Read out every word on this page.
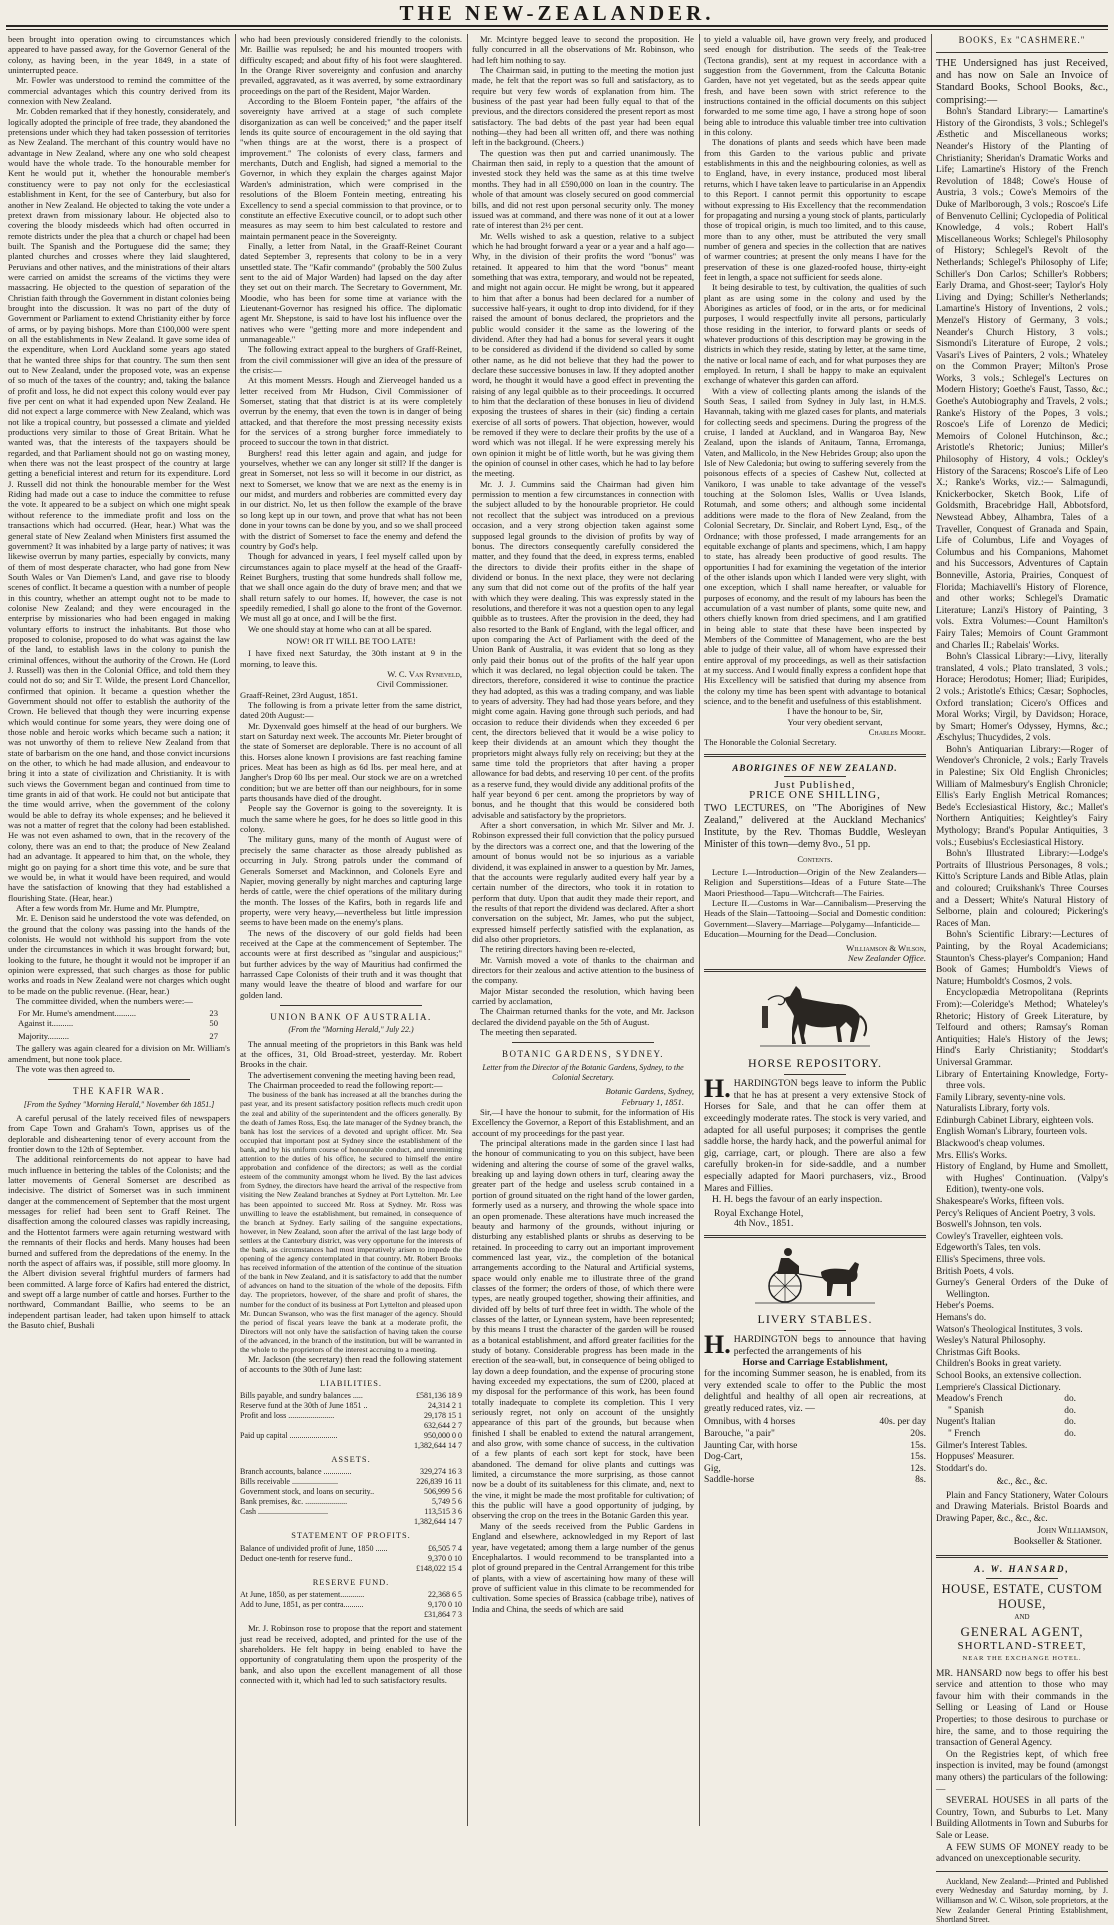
THE NEW-ZEALANDER.

been brought into operation owing to circumstances which appeared to have passed away, for the Governor General of the colony, as having been, in the year 1849, in a state of uninterrupted peace.

Mr. Fowler was understood to remind the committee of the commercial advantages which this country derived from its connexion with New Zealand.

Mr. Cobden remarked that if they honestly, considerately, and logically adopted the principle of free trade, they abandoned the pretensions under which they had taken possession of territories as New Zealand. The merchant of this country would have no advantage in New Zealand, where any one who sold cheapest would have the whole trade. To the honourable member for Kent he would put it, whether the honourable member's constituency were to pay not only for the ecclesiastical establishment in Kent, for the see of Canterbury, but also for another in New Zealand. He objected to taking the vote under a pretext drawn from missionary labour. He objected also to covering the bloody misdeeds which had often occurred in remote districts under the plea that a church or chapel had been built. The Spanish and the Portuguese did the same; they planted churches and crosses where they laid slaughtered, Peruvians and other natives, and the ministrations of their altars were carried on amidst the screams of the victims they were massacring. He objected to the question of separation of the Christian faith through the Government in distant colonies being brought into the discussion. It was no part of the duty of Government or Parliament to extend Christianity either by force of arms, or by paying bishops. More than £100,000 were spent on all the establishments in New Zealand. It gave some idea of the expenditure, when Lord Auckland some years ago stated that he wanted three ships for that country. The sum then sent out to New Zealand, under the proposed vote, was an expense of so much of the taxes of the country; and, taking the balance of profit and loss, he did not expect this colony would ever pay five per cent on what it had expended upon New Zealand. He did not expect a large commerce with New Zealand, which was not like a tropical country, but possessed a climate and yielded productions very similar to those of Great Britain. What he wanted was, that the interests of the taxpayers should be regarded, and that Parliament should not go on wasting money, when there was not the least prospect of the country at large getting a beneficial interest and return for its expenditure. Lord J. Russell did not think the honourable member for the West Riding had made out a case to induce the committee to refuse the vote. It appeared to be a subject on which one might speak without reference to the immediate profit and loss on the transactions which had occurred. (Hear, hear.) What was the general state of New Zealand when Ministers first assumed the government? It was inhabited by a large party of natives; it was likewise overrun by many parties, especially by convicts, many of them of most desperate character, who had gone from New South Wales or Van Diemen's Land, and gave rise to bloody scenes of conflict. It became a question with a number of people in this country, whether an attempt ought not to be made to colonise New Zealand; and they were encouraged in the enterprise by missionaries who had been engaged in making voluntary efforts to instruct the inhabitants. But those who proposed to colonise, proposed to do what was against the law of the land, to establish laws in the colony to punish the criminal offences, without the authority of the Crown. He (Lord J. Russell) was then in the Colonial Office, and told them they could not do so; and Sir T. Wilde, the present Lord Chancellor, confirmed that opinion. It became a question whether the Government should not offer to establish the authority of the Crown. He believed that though they were incurring expense which would continue for some years, they were doing one of those noble and heroic works which became such a nation; it was not unworthy of them to relieve New Zealand from that state of barbarism on the one hand, and those convict incursions on the other, to which he had made allusion, and endeavour to bring it into a state of civilization and Christianity. It is with such views the Government began and continued from time to time grants in aid of that work. He could not but anticipate that the time would arrive, when the government of the colony would be able to defray its whole expenses; and he believed it was not a matter of regret that the colony had been established. He was not even ashamed to own, that in the recovery of the colony, there was an end to that; the produce of New Zealand had an advantage. It appeared to him that, on the whole, they might go on paying for a short time this vote, and be sure that we would be, in what it would have been required, and would have the satisfaction of knowing that they had established a flourishing State. (Hear, hear.)

After a few words from Mr. Hume and Mr. Plumptre,

Mr. E. Denison said he understood the vote was defended, on the ground that the colony was passing into the hands of the colonists. He would not withhold his support from the vote under the circumstances in which it was brought forward; but, looking to the future, he thought it would not be improper if an opinion were expressed, that such charges as those for public works and roads in New Zealand were not charges which ought to be made on the public revenue. (Hear, hear.)

The committee divided, when the numbers were:—

For Mr. Hume's amendment..........	23
Against it..........	50
Majority..........	27

The gallery was again cleared for a division on Mr. William's amendment, but none took place.

The vote was then agreed to.

THE KAFIR WAR.
[From the Sydney "Morning Herald," November 6th 1851.]

A careful perusal of the lately received files of newspapers from Cape Town and Graham's Town, apprises us of the deplorable and disheartening tenor of every account from the frontier down to the 12th of September.

The additional reinforcements do not appear to have had much influence in bettering the tables of the Colonists; and the latter movements of General Somerset are described as indecisive. The district of Somerset was in such imminent danger at the commencement of September that the most urgent messages for relief had been sent to Graff Reinet. The disaffection among the coloured classes was rapidly increasing, and the Hottentot farmers were again returning westward with the remnants of their flocks and herds. Many houses had been burned and suffered from the depredations of the enemy. In the north the aspect of affairs was, if possible, still more gloomy. In the Albert division several frightful murders of farmers had been committed. A large force of Kafirs had entered the district, and swept off a large number of cattle and horses. Further to the northward, Commandant Baillie, who seems to be an independent partisan leader, had taken upon himself to attack the Basuto chief, Bushali

who had been previously considered friendly to the colonists. Mr. Baillie was repulsed; he and his mounted troopers with difficulty escaped; and about fifty of his foot were slaughtered. In the Orange River sovereignty and confusion and anarchy prevailed, aggravated, as it was averred, by some extraordinary proceedings on the part of the Resident, Major Warden.

According to the Bloem Fontein paper, "the affairs of the sovereignty have arrived at a stage of such complete disorganization as can well be conceived;" and the paper itself lends its quite source of encouragement in the old saying that "when things are at the worst, there is a prospect of improvement." The colonists of every class, farmers and merchants, Dutch and English, had signed a memorial to the Governor, in which they explain the charges against Major Warden's administration, which were comprised in the resolutions of the Bloem Fontein meeting, entreating his Excellency to send a special commission to that province, or to constitute an effective Executive council, or to adopt such other measures as may seem to him best calculated to restore and maintain permanent peace in the Sovereignty.

Finally, a letter from Natal, in the Graaff-Reinet Courant dated September 3, represents that colony to be in a very unsettled state. The "Kafir commando" (probably the 500 Zulus sent to the aid of Major Warden) had lapsed on the day after they set out on their march. The Secretary to Government, Mr. Moodie, who has been for some time at variance with the Lieutenant-Governor has resigned his office. The diplomatic agent Mr. Shepstone, is said to have lost his influence over the natives who were "getting more and more independent and unmanageable."

The following extract appeal to the burghers of Graff-Reinet, from the civil commissioner will give an idea of the pressure of the crisis:—

At this moment Messrs. Hough and Zierveogel handed us a letter received from Mr Hudson, Civil Commissioner of Somerset, stating that that district is at its were completely overrun by the enemy, that even the town is in danger of being attacked, and that therefore the most pressing necessity exists for the services of a strong burgher force immediately to proceed to succour the town in that district.

Burghers! read this letter again and again, and judge for yourselves, whether we can any longer sit still? If the danger is great in Somerset, not less so will it become in our district, as next to Somerset, we know that we are next as the enemy is in our midst, and murders and robberies are committed every day in our district. No, let us then follow the example of the brave so long kept up in our town, and prove that what has not been done in your towns can be done by you, and so we shall proceed with the district of Somerset to face the enemy and defend the country by God's help.

Though for advanced in years, I feel myself called upon by circumstances again to place myself at the head of the Graaff-Reinet Burghers, trusting that some hundreds shall follow me, that we shall once again do the duty of brave men; and that we shall return safely to our homes. If, however, the case is not speedily remedied, I shall go alone to the front of the Governor. We must all go at once, and I will be the first.

We one should stay at home who can at all be spared.

NOW! OR IT WILL BE TOO LATE!

I have fixed next Saturday, the 30th instant at 9 in the morning, to leave this.

W. C. Van Ryneveld,
Civil Commissioner.
Graaff-Reinet, 23rd August, 1851.

The following is from a private letter from the same district, dated 20th August:—

Mr. Dyxenvald goes himself at the head of our burghers. We start on Saturday next week. The accounts Mr. Pieter brought of the state of Somerset are deplorable. There is no account of all this. Horses alone known I provisions are fast reaching famine prices. Meat has been as high as 6d lbs. per meal here, and at Jangher's Drop 60 lbs per meal. Our stock we are on a wretched condition; but we are better off than our neighbours, for in some parts thousands have died of the drought.

People say the Governor is going to the sovereignty. It is much the same where he goes, for he does so little good in this colony.

The military guns, many of the month of August were of precisely the same character as those already published as occurring in July. Strong patrols under the command of Generals Somerset and Mackinnon, and Colonels Eyre and Napier, moving generally by night marches and capturing large herds of cattle, were the chief operations of the military during the month. The losses of the Kafirs, both in regards life and property, were very heavy,—nevertheless but little impression seems to have been made on the enemy's plans.

The news of the discovery of our gold fields had been received at the Cape at the commencement of September. The accounts were at first described as "singular and auspicious;" but further advices by the way of Mauritius had confirmed the harrassed Cape Colonists of their truth and it was thought that many would leave the theatre of blood and warfare for our golden land.

UNION BANK OF AUSTRALIA.
(From the "Morning Herald," July 22.)

The annual meeting of the proprietors in this Bank was held at the offices, 31, Old Broad-street, yesterday. Mr. Robert Brooks in the chair.

The advertisement convening the meeting having been read,

The Chairman proceeded to read the following report:—

The business of the bank has increased at all the branches during the past year, and its present satisfactory position reflects much credit upon the zeal and ability of the superintendent and the officers generally. By the death of James Ross, Esq. the late manager of the Sydney branch, the bank has lost the services of a devoted and upright officer. Mr. Sea occupied that important post at Sydney since the establishment of the bank, and by his uniform course of honourable conduct, and unremitting attention to the duties of his office, he secured to himself the entire approbation and confidence of the directors; as well as the cordial esteem of the community amongst whom he lived. By the last advices from Sydney, the directors have heard the arrival of the respective from visiting the New Zealand branches at Sydney at Port Lyttelton. Mr. Lee has been appointed to succeed Mr. Ross at Sydney. Mr. Ross was unwilling to leave the establishment, but remained, in consequence of the branch at Sydney. Early sailing of the sanguine expectations, however, in New Zealand, soon after the arrival of the last large body of settlers at the Canterbury district, was very opportune for the interests of the bank, as circumstances had most imperatively arisen to impede the opening of the agency contemplated in that country. Mr. Robert Brooks has received information of the attention of the continue of the situation of the bank in New Zealand, and it is satisfactory to add that the number of advances on hand to the situation of the whole of the deposits. Fifth day. The proprietors, however, of the share and profit of shares, the number for the conduct of its business at Port Lyttelton and pleased upon Mr. Duncan Swanson, who was the first manager of the agency. Should the period of fiscal years leave the bank at a moderate profit, the Directors will not only have the satisfaction of having taken the course of the advanced, in the branch of the institution, but will be warranted in the whole to the proprietors of the interest accruing to a meeting.

Mr. Jackson (the secretary) then read the following statement of accounts to the 30th of June last:

LIABILITIES.
Bills payable, and sundry balances .....	£581,136 18 9
Reserve fund at the 30th of June 1851 ..	24,314 2 1
Profit and loss .......................	29,178 15 1
	632,644 2 7
Paid up capital ........................	950,000 0 0
	1,382,644 14 7
ASSETS.
Branch accounts, balance ..............	329,274 16 3
Bills receivable .......................	226,839 16 11
Government stock, and loans on security..	506,999 5 6
Bank premises, &c. .....................	5,749 5 6
Cash ...................................	113,515 3 6
	1,382,644 14 7
STATEMENT OF PROFITS.
Balance of undivided profit of June, 1850 ......	£6,505 7 4
Deduct one-tenth for reserve fund..	9,370 0 10
	£148,022 15 4
RESERVE FUND.
At June, 1850, as per statement............	22,368 6 5
Add to June, 1851, as per contra..........	9,170 0 10
	£31,864 7 3

Mr. J. Robinson rose to propose that the report and statement just read be received, adopted, and printed for the use of the shareholders. He felt happy in being enabled to have the opportunity of congratulating them upon the prosperity of the bank, and also upon the excellent management of all those connected with it, which had led to such satisfactory results.

Mr. Mcintyre begged leave to second the proposition. He fully concurred in all the observations of Mr. Robinson, who had left him nothing to say.

The Chairman said, in putting to the meeting the motion just made, he felt that the report was so full and satisfactory, as to require but very few words of explanation from him. The business of the past year had been fully equal to that of the previous, and the directors considered the present report as most satisfactory. The bad debts of the past year had been equal nothing—they had been all written off, and there was nothing left in the background. (Cheers.)

The question was then put and carried unanimously. The Chairman then said, in reply to a question that the amount of invested stock they held was the same as at this time twelve months. They had in all £590,000 on loan in the country. The whole of that amount was closely secured on good commercial bills, and did not rest upon personal security only. The money issued was at command, and there was none of it out at a lower rate of interest than 2½ per cent.

Mr. Wells wished to ask a question, relative to a subject which he had brought forward a year or a year and a half ago—Why, in the division of their profits the word "bonus" was retained. It appeared to him that the word "bonus" meant something that was extra, temporary, and would not be repeated, and might not again occur. He might be wrong, but it appeared to him that after a bonus had been declared for a number of successive half-years, it ought to drop into dividend, for if they raised the amount of bonus declared, the proprietors and the public would consider it the same as the lowering of the dividend. After they had had a bonus for several years it ought to be considered as dividend if the dividend so called by some other name, as he did not believe that they had the power to declare these successive bonuses in law. If they adopted another word, he thought it would have a good effect in preventing the raising of any legal quibble as to their proceedings. It occurred to him that the declaration of these bonuses in lieu of dividend exposing the trustees of shares in their (sic) finding a certain exercise of all sorts of powers. That objection, however, would be removed if they were to declare their profits by the use of a word which was not illegal. If he were expressing merely his own opinion it might be of little worth, but he was giving them the opinion of counsel in other cases, which he had to lay before the meeting.

Mr. J. J. Cummins said the Chairman had given him permission to mention a few circumstances in connection with the subject alluded to by the honourable proprietor. He could not recollect that the subject was introduced on a previous occasion, and a very strong objection taken against some supposed legal grounds to the division of profits by way of bonus. The directors consequently carefully considered the matter, and they found that the deed, in express terms, enabled the directors to divide their profits either in the shape of dividend or bonus. In the next place, they were not declaring any sum that did not come out of the profits of the half year with which they were dealing. This was expressly stated in the resolutions, and therefore it was not a question open to any legal quibble as to trustees. After the provision in the deed, they had also resorted to the Bank of England, with the legal officer, and upon comparing the Act of Parliament with the deed of the Union Bank of Australia, it was evident that so long as they only paid their bonus out of the profits of the half year upon which it was declared, no legal objection could be taken. The directors, therefore, considered it wise to continue the practice they had adopted, as this was a trading company, and was liable to years of adversity. They had had those years before, and they might come again. Having gone through such periods, and had occasion to reduce their dividends when they exceeded 6 per cent, the directors believed that it would be a wise policy to keep their dividends at an amount which they thought the proprietors might always fully rely on receiving; but they at the same time told the proprietors that after having a proper allowance for bad debts, and reserving 10 per cent. of the profits as a reserve fund, they would divide any additional profits of the half year beyond 6 per cent. among the proprietors by way of bonus, and he thought that this would be considered both advisable and satisfactory by the proprietors.

After a short conversation, in which Mr. Silver and Mr. J. Robinson expressed their full conviction that the policy pursued by the directors was a correct one, and that the lowering of the amount of bonus would not be so injurious as a variable dividend, it was explained in answer to a question by Mr. James, that the accounts were regularly audited every half year by a certain number of the directors, who took it in rotation to perform that duty. Upon that audit they made their report, and the results of that report the dividend was declared. After a short conversation on the subject, Mr. James, who put the subject, expressed himself perfectly satisfied with the explanation, as did also other proprietors.

The retiring directors having been re-elected,

Mr. Varnish moved a vote of thanks to the chairman and directors for their zealous and active attention to the business of the company.

Major Mistar seconded the resolution, which having been carried by acclamation,

The Chairman returned thanks for the vote, and Mr. Jackson declared the dividend payable on the 5th of August.

The meeting then separated.

BOTANIC GARDENS, SYDNEY.
Letter from the Director of the Botanic Gardens, Sydney, to the Colonial Secretary.
Botanic Gardens, Sydney,
February 1, 1851.

Sir,—I have the honour to submit, for the information of His Excellency the Governor, a Report of this Establishment, and an account of my proceedings for the past year.

The principal alterations made in the garden since I last had the honour of communicating to you on this subject, have been widening and altering the course of some of the gravel walks, breaking up and laying down others in turf, clearing away the greater part of the hedge and useless scrub contained in a portion of ground situated on the right hand of the lower garden, formerly used as a nursery, and throwing the whole space into an open promenade. These alterations have much increased the beauty and harmony of the grounds, without injuring or disturbing any established plants or shrubs as deserving to be retained. In proceeding to carry out an important improvement commenced last year, viz., the completion of the botanical arrangements according to the Natural and Artificial systems, space would only enable me to illustrate three of the grand classes of the former; the orders of those, of which there were types, are neatly grouped together, showing their affinities, and divided off by belts of turf three feet in width. The whole of the classes of the latter, or Lynnean system, have been represented; by this means I trust the character of the garden will be roused as a botanical establishment, and afford greater facilities for the study of botany. Considerable progress has been made in the erection of the sea-wall, but, in consequence of being obliged to lay down a deep foundation, and the expense of procuring stone having exceeded my expectations, the sum of £200, placed at my disposal for the performance of this work, has been found totally inadequate to complete its completion. This I very seriously regret, not only on account of the unsightly appearance of this part of the grounds, but because when finished I shall be enabled to extend the natural arrangement, and also grow, with some chance of success, in the cultivation of a few plants of each sort kept for stock, have been abandoned. The demand for olive plants and cuttings was limited, a circumstance the more surprising, as those cannot now be a doubt of its suitableness for this climate, and, next to the vine, it might be made the most profitable for cultivation; of this the public will have a good opportunity of judging, by observing the crop on the trees in the Botanic Garden this year.

Many of the seeds received from the Public Gardens in England and elsewhere, acknowledged in my Report of last year, have vegetated; among them a large number of the genus Encephalartos. I would recommend to be transplanted into a plot of ground prepared in the Central Arrangement for this tribe of plants, with a view of ascertaining how many of these will prove of sufficient value in this climate to be recommended for cultivation. Some species of Brassica (cabbage tribe), natives of India and China, the seeds of which are said

to yield a valuable oil, have grown very freely, and produced seed enough for distribution. The seeds of the Teak-tree (Tectona grandis), sent at my request in accordance with a suggestion from the Government, from the Calcutta Botanic Garden, have not yet vegetated, but as the seeds appear quite fresh, and have been sown with strict reference to the instructions contained in the official documents on this subject forwarded to me some time ago, I have a strong hope of soon being able to introduce this valuable timber tree into cultivation in this colony.

The donations of plants and seeds which have been made from this Garden to the various public and private establishments in this and the neighbouring colonies, as well as to England, have, in every instance, produced most liberal returns, which I have taken leave to particularise in an Appendix to this Report. I cannot permit this opportunity to escape without expressing to His Excellency that the recommendation for propagating and nursing a young stock of plants, particularly those of tropical origin, is much too limited, and to this cause, more than to any other, must be attributed the very small number of genera and species in the collection that are natives of warmer countries; at present the only means I have for the preservation of these is one glazed-roofed house, thirty-eight feet in length, a space not sufficient for seeds alone.

It being desirable to test, by cultivation, the qualities of such plant as are using some in the colony and used by the Aborigines as articles of food, or in the arts, or for medicinal purposes, I would respectfully invite all persons, particularly those residing in the interior, to forward plants or seeds of whatever productions of this description may be growing in the districts in which they reside, stating by letter, at the same time, the native or local name of each, and for what purposes they are employed. In return, I shall be happy to make an equivalent exchange of whatever this garden can afford.

With a view of collecting plants among the islands of the South Seas, I sailed from Sydney in July last, in H.M.S. Havannah, taking with me glazed cases for plants, and materials for collecting seeds and specimens. During the progress of the cruise, I landed at Auckland, and in Wangaroa Bay, New Zealand, upon the islands of Anitaum, Tanna, Erromanga, Vaten, and Mallicolo, in the New Hebrides Group; also upon the Isle of New Caledonia; but owing to suffering severely from the poisonous effects of a species of Cashew Nut, collected at Vanikoro, I was unable to take advantage of the vessel's touching at the Solomon Isles, Wallis or Uvea Islands, Rotumah, and some others; and although some incidental additions were made to the flora of New Zealand, from the Colonial Secretary, Dr. Sinclair, and Robert Lynd, Esq., of the Ordnance; with those professed, I made arrangements for an equitable exchange of plants and specimens, which, I am happy to state, has already been productive of good results. The opportunities I had for examining the vegetation of the interior of the other islands upon which I landed were very slight, with one exception, which I shall name hereafter, or valuable for purposes of economy, and the result of my labours has been the accumulation of a vast number of plants, some quite new, and others chiefly known from dried specimens, and I am gratified in being able to state that these have been inspected by Members of the Committee of Management, who are the best able to judge of their value, all of whom have expressed their entire approval of my proceedings, as well as their satisfaction at my success. And I would finally express a confident hope that His Excellency will be satisfied that during my absence from the colony my time has been spent with advantage to botanical science, and to the benefit and usefulness of this establishment.

I have the honour to be, Sir,
Your very obedient servant,
Charles Moore.
The Honorable the Colonial Secretary.
ABORIGINES OF NEW ZEALAND.
Just Published,
PRICE ONE SHILLING,

TWO LECTURES, on "The Aborigines of New Zealand," delivered at the Auckland Mechanics' Institute, by the Rev. Thomas Buddle, Wesleyan Minister of this town—demy 8vo., 51 pp.

Contents.

Lecture I.—Introduction—Origin of the New Zealanders—Religion and Superstitions—Ideas of a Future State—The Maori Priesthood—Tapu—Witchcraft—The Fairies.

Lecture II.—Customs in War—Cannibalism—Preserving the Heads of the Slain—Tattooing—Social and Domestic condition: Government—Slavery—Marriage—Polygamy—Infanticide—Education—Mourning for the Dead—Conclusion.

Williamson & Wilson,
New Zealander Office.
HORSE REPOSITORY.

H. HARDINGTON begs leave to inform the Public that he has at present a very extensive Stock of Horses for Sale, and that he can offer them at exceedingly moderate rates. The stock is very varied, and adapted for all useful purposes; it comprises the gentle saddle horse, the hardy hack, and the powerful animal for gig, carriage, cart, or plough. There are also a few carefully broken-in for side-saddle, and a number especially adapted for Maori purchasers, viz., Brood Mares and Fillies.

H. H. begs the favour of an early inspection.

Royal Exchange Hotel,
4th Nov., 1851.
LIVERY STABLES.

H. HARDINGTON begs to announce that having perfected the arrangements of his

Horse and Carriage Establishment,

for the incoming Summer season, he is enabled, from its very extended scale to offer to the Public the most delightful and healthy of all open air recreations, at greatly reduced rates, viz. —

Omnibus, with 4 horses	40s. per day
Barouche, "a pair"	20s.
Jaunting Car, with horse	15s.
Dog-Cart,	15s.
Gig,	12s.
Saddle-horse	8s.
BOOKS, Ex "CASHMERE."

THE Undersigned has just Received, and has now on Sale an Invoice of Standard Books, School Books, &c., comprising:—

Bohn's Standard Library:— Lamartine's History of the Girondists, 3 vols.; Schlegel's Æsthetic and Miscellaneous works; Neander's History of the Planting of Christianity; Sheridan's Dramatic Works and Life; Lamartine's History of the French Revolution of 1848; Cowe's House of Austria, 3 vols.; Cowe's Memoirs of the Duke of Marlborough, 3 vols.; Roscoe's Life of Benvenuto Cellini; Cyclopedia of Political Knowledge, 4 vols.; Robert Hall's Miscellaneous Works; Schlegel's Philosophy of History; Schlegel's Revolt of the Netherlands; Schlegel's Philosophy of Life; Schiller's Don Carlos; Schiller's Robbers; Early Drama, and Ghost-seer; Taylor's Holy Living and Dying; Schiller's Netherlands; Lamartine's History of Inventions, 2 vols.; Menzel's History of Germany, 3 vols.; Neander's Church History, 3 vols.; Sismondi's Literature of Europe, 2 vols.; Vasari's Lives of Painters, 2 vols.; Whateley on the Common Prayer; Milton's Prose Works, 3 vols.; Schlegel's Lectures on Modern History; Goethe's Faust, Tasso, &c.; Goethe's Autobiography and Travels, 2 vols.; Ranke's History of the Popes, 3 vols.; Roscoe's Life of Lorenzo de Medici; Memoirs of Colonel Hutchinson, &c.; Aristotle's Rhetoric; Junius; Miller's Philosophy of History, 4 vols.; Ockley's History of the Saracens; Roscoe's Life of Leo X.; Ranke's Works, viz.:— Salmagundi, Knickerbocker, Sketch Book, Life of Goldsmith, Bracebridge Hall, Abbotsford, Newstead Abbey, Alhambra, Tales of a Traveller, Conquest of Granada and Spain, Life of Columbus, Life and Voyages of Columbus and his Companions, Mahomet and his Successors, Adventures of Captain Bonneville, Astoria, Prairies, Conquest of Florida; Machiavelli's History of Florence, and other works; Schlegel's Dramatic Literature; Lanzi's History of Painting, 3 vols. Extra Volumes:—Count Hamilton's Fairy Tales; Memoirs of Count Grammont and Charles II.; Rabelais' Works.

Bohn's Classical Library:—Livy, literally translated, 4 vols.; Plato translated, 3 vols.; Horace; Herodotus; Homer; Iliad; Euripides, 2 vols.; Aristotle's Ethics; Cæsar; Sophocles, Oxford translation; Cicero's Offices and Moral Works; Virgil, by Davidson; Horace, by Smart; Homer's Odyssey, Hymns, &c.; Æschylus; Thucydides, 2 vols.

Bohn's Antiquarian Library:—Roger of Wendover's Chronicle, 2 vols.; Early Travels in Palestine; Six Old English Chronicles; William of Malmesbury's English Chronicle; Ellis's Early English Metrical Romances; Bede's Ecclesiastical History, &c.; Mallet's Northern Antiquities; Keightley's Fairy Mythology; Brand's Popular Antiquities, 3 vols.; Eusebius's Ecclesiastical History.

Bohn's Illustrated Library:—Lodge's Portraits of Illustrious Personages, 8 vols.; Kitto's Scripture Lands and Bible Atlas, plain and coloured; Cruikshank's Three Courses and a Dessert; White's Natural History of Selborne, plain and coloured; Pickering's Races of Man.

Bohn's Scientific Library:—Lectures of Painting, by the Royal Academicians; Staunton's Chess-player's Companion; Hand Book of Games; Humboldt's Views of Nature; Humboldt's Cosmos, 2 vols.

Encyclopædia Metropolitana (Reprints From):—Coleridge's Method; Whateley's Rhetoric; History of Greek Literature, by Telfourd and others; Ramsay's Roman Antiquities; Hale's History of the Jews; Hind's Early Christianity; Stoddart's Universal Grammar.

Library of Entertaining Knowledge, Forty-three vols.

Family Library, seventy-nine vols.

Naturalists Library, forty vols.

Edinburgh Cabinet Library, eighteen vols.

English Woman's Library, fourteen vols.

Blackwood's cheap volumes.

Mrs. Ellis's Works.

History of England, by Hume and Smollett, with Hughes' Continuation. (Valpy's Edition), twenty-one vols.

Shakespeare's Works, fifteen vols.

Percy's Reliques of Ancient Poetry, 3 vols.

Boswell's Johnson, ten vols.

Cowley's Traveller, eighteen vols.

Edgeworth's Tales, ten vols.

Ellis's Specimens, three vols.

British Poets, 4 vols.

Gurney's General Orders of the Duke of Wellington.

Heber's Poems.

Hemans's do.

Watson's Theological Institutes, 3 vols.

Wesley's Natural Philosophy.

Christmas Gift Books.

Children's Books in great variety.

School Books, an extensive collection.

Lempriere's Classical Dictionary.

Meadow's French	do.
" Spanish	do.
Nugent's Italian	do.
" French	do.
Gilmer's Interest Tables.	
Hoppuses' Measurer.	
Stoddart's do.	
&c., &c., &c.

Plain and Fancy Stationery, Water Colours and Drawing Materials. Bristol Boards and Drawing Paper, &c., &c., &c.

John Williamson,
Bookseller & Stationer.
A. W. HANSARD,
HOUSE, ESTATE, CUSTOM HOUSE,
AND
GENERAL AGENT,
SHORTLAND-STREET,
NEAR THE EXCHANGE HOTEL.

MR. HANSARD now begs to offer his best service and attention to those who may favour him with their commands in the Selling or Leasing of Land or House Properties; to those desirous to purchase or hire, the same, and to those requiring the transaction of General Agency.

On the Registries kept, of which free inspection is invited, may be found (amongst many others) the particulars of the following:—

SEVERAL HOUSES in all parts of the Country, Town, and Suburbs to Let. Many Building Allotments in Town and Suburbs for Sale or Lease.

A FEW SUMS OF MONEY ready to be advanced on unexceptionable security.

Auckland, New Zealand:—Printed and Published every Wednesday and Saturday morning, by J. Williamson and W. C. Wilson, sole proprietors, at the New Zealander General Printing Establishment, Shortland Street.
